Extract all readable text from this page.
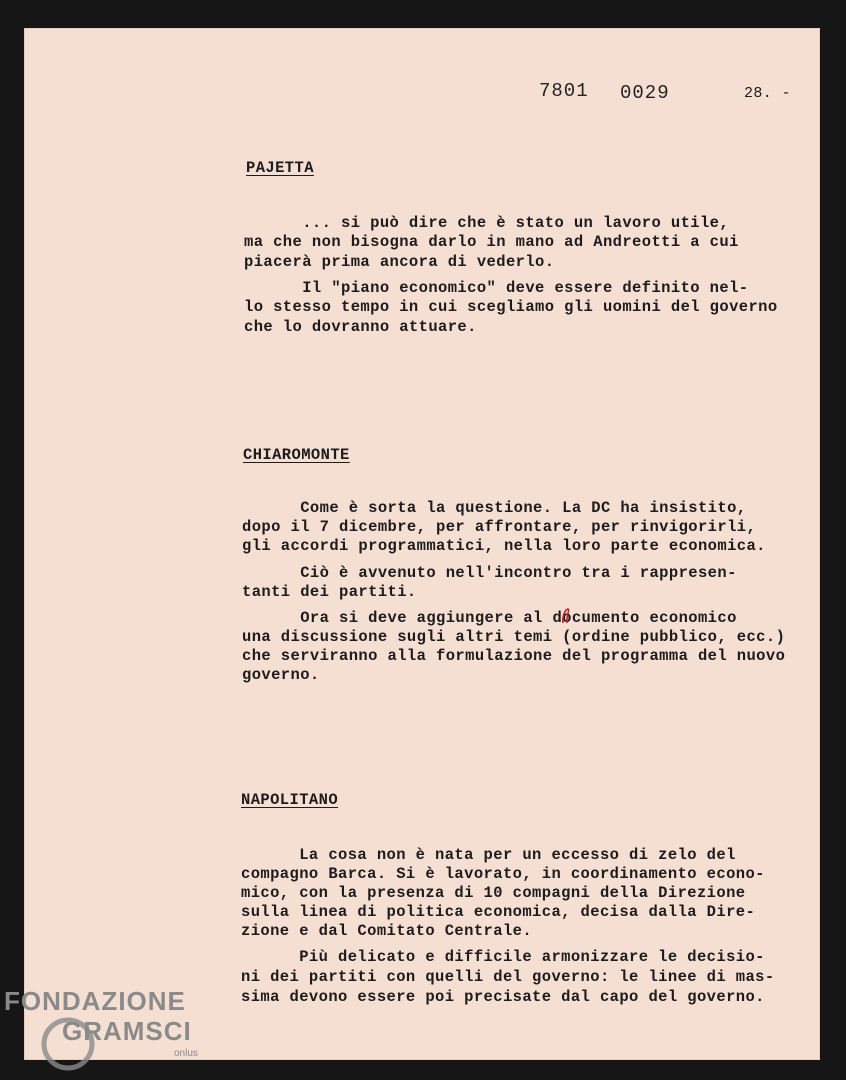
7801 0029	28. -
PAJETTA
... si può dire che è stato un lavoro utile,
ma che non bisogna darlo in mano ad Andreotti a cui
piacerà prima ancora di vederlo.
Il "piano economico" deve essere definito nel-
lo stesso tempo in cui scegliamo gli uomini del governo
che lo dovranno attuare.
CHIAROMONTE
Come è sorta la questione. La DC ha insistito,
dopo il 7 dicembre, per affrontare, per rinvigorirli,
gli accordi programmatici, nella loro parte economica.
Ciò è avvenuto nell'incontro tra i rappresen-
tanti dei partiti.
Ora si deve aggiungere al documento economico
una discussione sugli altri temi (ordine pubblico, ecc.)
che serviranno alla formulazione del programma del nuovo
governo.
NAPOLITANO
La cosa non è nata per un eccesso di zelo del
compagno Barca. Si è lavorato, in coordinamento econo-
mico, con la presenza di 10 compagni della Direzione
sulla linea di politica economica, decisa dalla Dire-
zione e dal Comitato Centrale.
Più delicato e difficile armonizzare le decisio-
ni dei partiti con quelli del governo: le linee di mas-
sima devono essere poi precisate dal capo del governo.
FONDAZIONE
GRAMSCI
onlus
